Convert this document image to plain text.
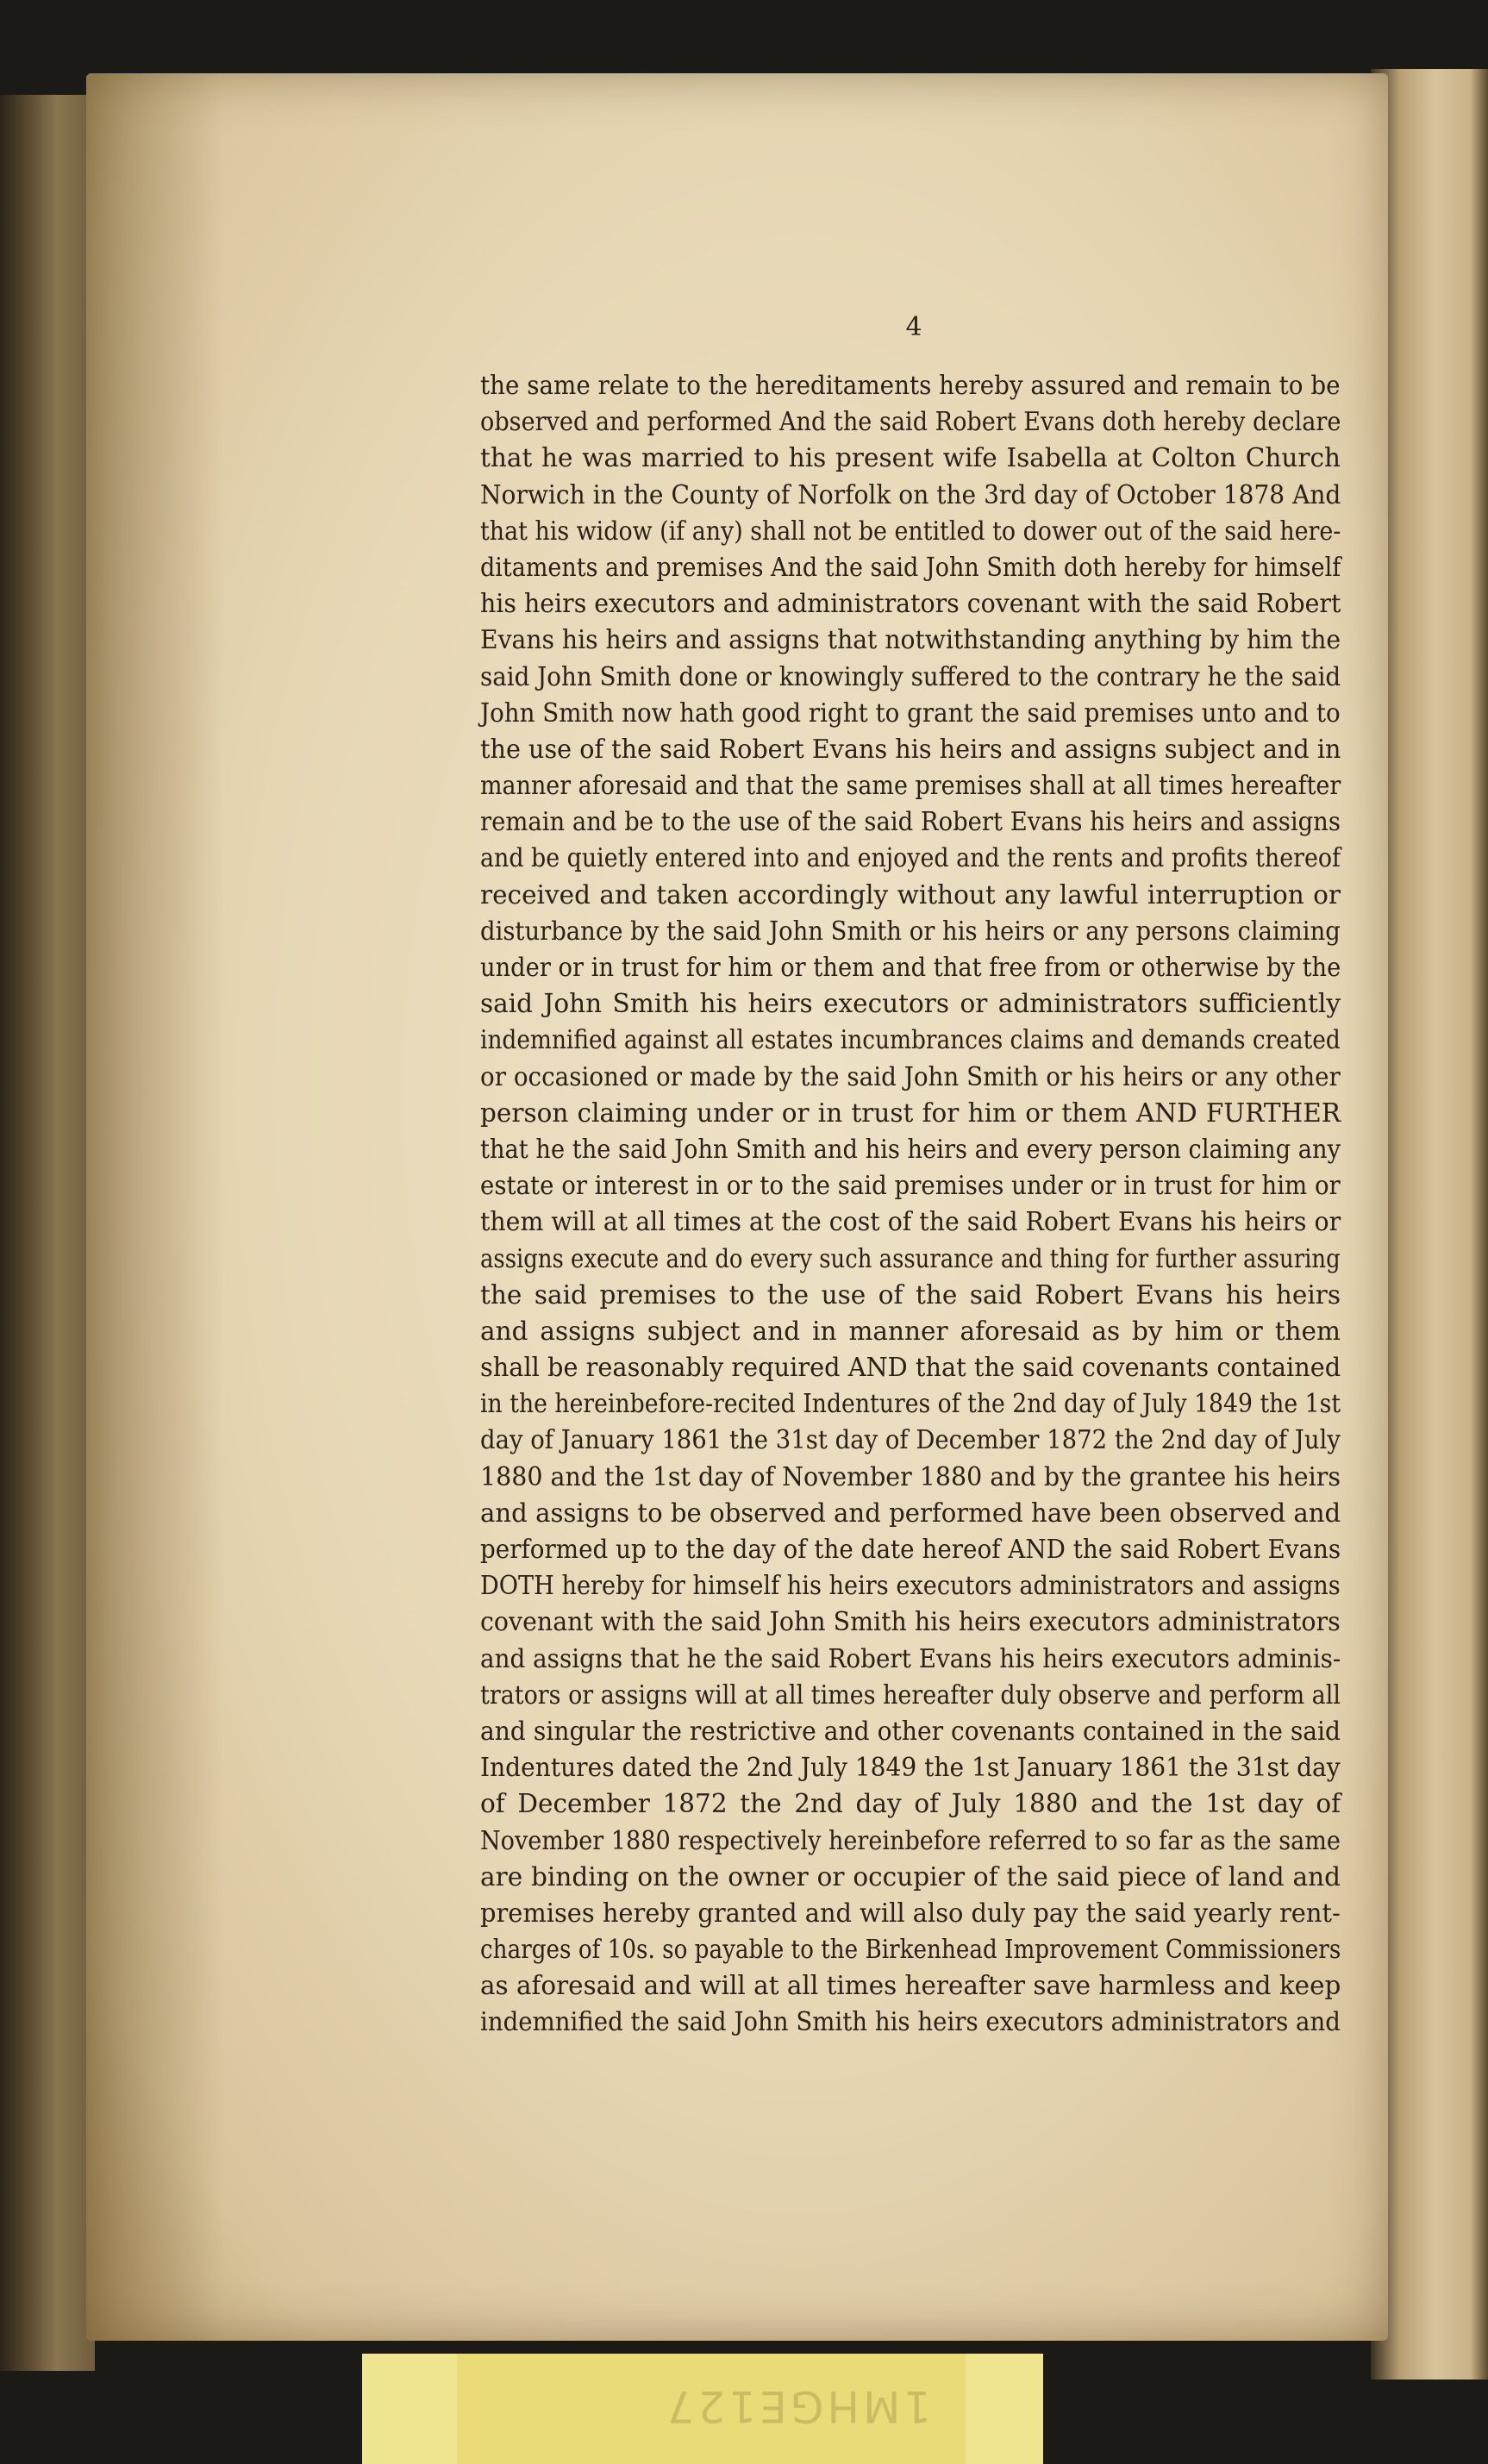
4
the same relate to the hereditaments hereby assured and remain to be
observed and performed And the said Robert Evans doth hereby declare
that he was married to his present wife Isabella at Colton Church
Norwich in the County of Norfolk on the 3rd day of October 1878 And
that his widow (if any) shall not be entitled to dower out of the said here-
ditaments and premises And the said John Smith doth hereby for himself
his heirs executors and administrators covenant with the said Robert
Evans his heirs and assigns that notwithstanding anything by him the
said John Smith done or knowingly suffered to the contrary he the said
John Smith now hath good right to grant the said premises unto and to
the use of the said Robert Evans his heirs and assigns subject and in
manner aforesaid and that the same premises shall at all times hereafter
remain and be to the use of the said Robert Evans his heirs and assigns
and be quietly entered into and enjoyed and the rents and profits thereof
received and taken accordingly without any lawful interruption or
disturbance by the said John Smith or his heirs or any persons claiming
under or in trust for him or them and that free from or otherwise by the
said John Smith his heirs executors or administrators sufficiently
indemnified against all estates incumbrances claims and demands created
or occasioned or made by the said John Smith or his heirs or any other
person claiming under or in trust for him or them AND FURTHER
that he the said John Smith and his heirs and every person claiming any
estate or interest in or to the said premises under or in trust for him or
them will at all times at the cost of the said Robert Evans his heirs or
assigns execute and do every such assurance and thing for further assuring
the said premises to the use of the said Robert Evans his heirs
and assigns subject and in manner aforesaid as by him or them
shall be reasonably required AND that the said covenants contained
in the hereinbefore-recited Indentures of the 2nd day of July 1849 the 1st
day of January 1861 the 31st day of December 1872 the 2nd day of July
1880 and the 1st day of November 1880 and by the grantee his heirs
and assigns to be observed and performed have been observed and
performed up to the day of the date hereof AND the said Robert Evans
DOTH hereby for himself his heirs executors administrators and assigns
covenant with the said John Smith his heirs executors administrators
and assigns that he the said Robert Evans his heirs executors adminis-
trators or assigns will at all times hereafter duly observe and perform all
and singular the restrictive and other covenants contained in the said
Indentures dated the 2nd July 1849 the 1st January 1861 the 31st day
of December 1872 the 2nd day of July 1880 and the 1st day of
November 1880 respectively hereinbefore referred to so far as the same
are binding on the owner or occupier of the said piece of land and
premises hereby granted and will also duly pay the said yearly rent-
charges of 10s. so payable to the Birkenhead Improvement Commissioners
as aforesaid and will at all times hereafter save harmless and keep
indemnified the said John Smith his heirs executors administrators and
1MHGE127
